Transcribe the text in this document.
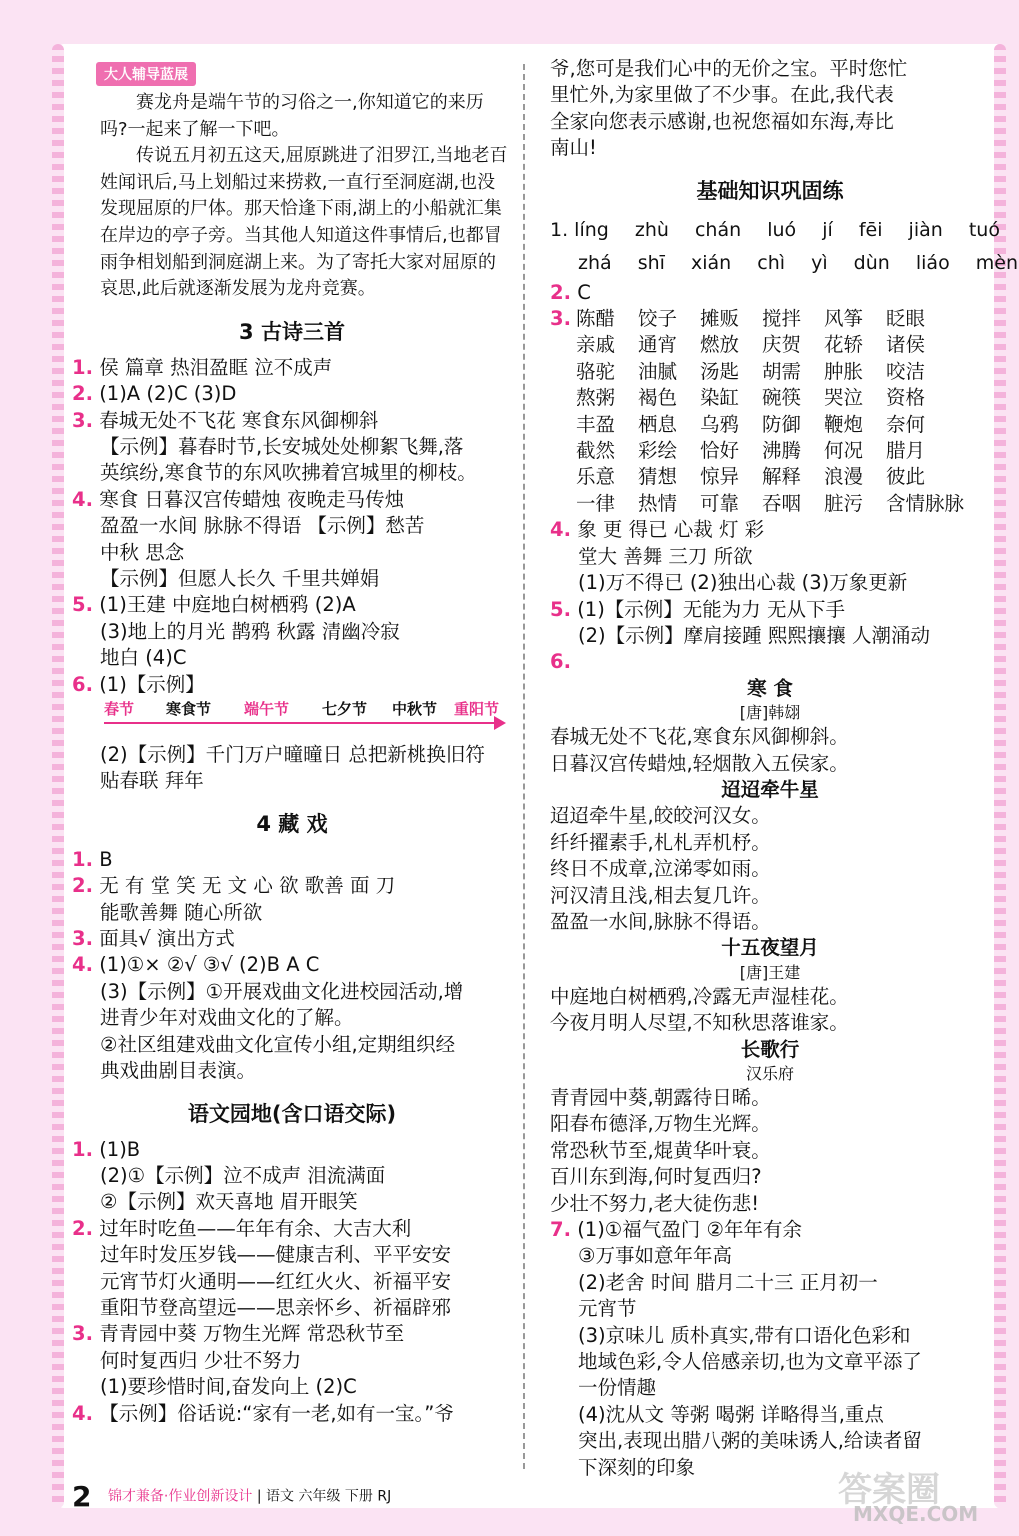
大人辅导蓝展
赛龙舟是端午节的习俗之一,你知道它的来历吗?一起来了解一下吧。
传说五月初五这天,屈原跳进了汨罗江,当地老百姓闻讯后,马上划船过来捞救,一直行至洞庭湖,也没发现屈原的尸体。那天恰逢下雨,湖上的小船就汇集在岸边的亭子旁。当其他人知道这件事情后,也都冒雨争相划船到洞庭湖上来。为了寄托大家对屈原的哀思,此后就逐渐发展为龙舟竞赛。
3 古诗三首
1. 侯 篇章 热泪盈眶 泣不成声
2. (1)A (2)C (3)D
3. 春城无处不飞花 寒食东风御柳斜
【示例】暮春时节,长安城处处柳絮飞舞,落
英缤纷,寒食节的东风吹拂着宫城里的柳枝。
4. 寒食 日暮汉宫传蜡烛 夜晚走马传烛
盈盈一水间 脉脉不得语 【示例】愁苦
中秋 思念
【示例】但愿人长久 千里共婵娟
5. (1)王建 中庭地白树栖鸦 (2)A
(3)地上的月光 鹊鸦 秋露 清幽冷寂
地白 (4)C
6. (1)【示例】
春节 寒食节 端午节 七夕节 中秋节 重阳节
(2)【示例】千门万户曈曈日 总把新桃换旧符
贴春联 拜年
4 藏 戏
1. B
2. 无 有 堂 笑 无 文 心 欲 歌善 面 刀
能歌善舞 随心所欲
3. 面具√ 演出方式
4. (1)①× ②√ ③√ (2)B A C
(3)【示例】①开展戏曲文化进校园活动,增
进青少年对戏曲文化的了解。
②社区组建戏曲文化宣传小组,定期组织经
典戏曲剧目表演。
语文园地(含口语交际)
1. (1)B
(2)①【示例】泣不成声 泪流满面
②【示例】欢天喜地 眉开眼笑
2. 过年时吃鱼——年年有余、大吉大利
过年时发压岁钱——健康吉利、平平安安
元宵节灯火通明——红红火火、祈福平安
重阳节登高望远——思亲怀乡、祈福辟邪
3. 青青园中葵 万物生光辉 常恐秋节至
何时复西归 少壮不努力
(1)要珍惜时间,奋发向上 (2)C
4. 【示例】俗话说:“家有一老,如有一宝。”爷
爷,您可是我们心中的无价之宝。平时您忙
里忙外,为家里做了不少事。在此,我代表
全家向您表示感谢,也祝您福如东海,寿比
南山!
基础知识巩固练
1. líng zhù chán luó jí fēi jiàn tuó
zhá shī xián chì yì dùn liáo mèn
2. C
3. 陈醋 饺子 摊贩 搅拌 风筝 眨眼
亲戚 通宵 燃放 庆贺 花轿 诸侯
骆驼 油腻 汤匙 胡需 肿胀 咬洁
熬粥 褐色 染缸 碗筷 哭泣 资格
丰盈 栖息 乌鸦 防御 鞭炮 奈何
截然 彩绘 恰好 沸腾 何况 腊月
乐意 猜想 惊异 解释 浪漫 彼此
一律 热情 可靠 吞咽 脏污 含情脉脉
4. 象 更 得已 心裁 灯 彩
堂大 善舞 三刀 所欲
(1)万不得已 (2)独出心裁 (3)万象更新
5. (1)【示例】无能为力 无从下手
(2)【示例】摩肩接踵 熙熙攘攘 人潮涌动
6.
寒 食
[唐]韩翃
春城无处不飞花,寒食东风御柳斜。
日暮汉宫传蜡烛,轻烟散入五侯家。
迢迢牵牛星
迢迢牵牛星,皎皎河汉女。
纤纤擢素手,札札弄机杼。
终日不成章,泣涕零如雨。
河汉清且浅,相去复几许。
盈盈一水间,脉脉不得语。
十五夜望月
[唐]王建
中庭地白树栖鸦,冷露无声湿桂花。
今夜月明人尽望,不知秋思落谁家。
长歌行
汉乐府
青青园中葵,朝露待日晞。
阳春布德泽,万物生光辉。
常恐秋节至,焜黄华叶衰。
百川东到海,何时复西归?
少壮不努力,老大徒伤悲!
7. (1)①福气盈门 ②年年有余
③万事如意年年高
(2)老舍 时间 腊月二十三 正月初一
元宵节
(3)京味儿 质朴真实,带有口语化色彩和
地域色彩,令人倍感亲切,也为文章平添了
一份情趣
(4)沈从文 等粥 喝粥 详略得当,重点
突出,表现出腊八粥的美味诱人,给读者留
下深刻的印象
2 锦才兼备·作业创新设计 | 语文 六年级 下册 RJ	答案圈
MXQE.COM
